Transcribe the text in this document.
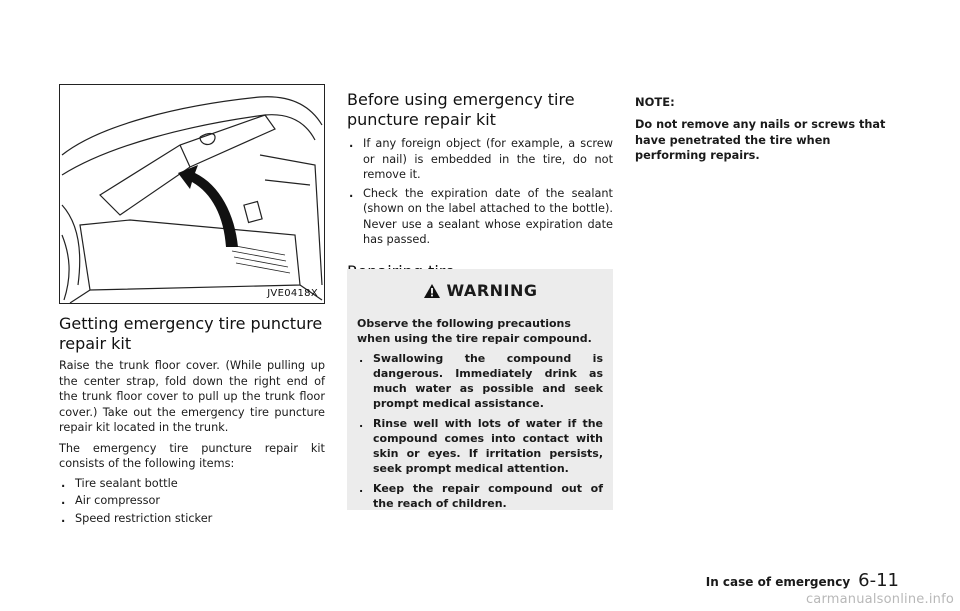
JVE0418X
Getting emergency tire puncture repair kit

Raise the trunk floor cover. (While pulling up the center strap, fold down the right end of the trunk floor cover to pull up the trunk floor cover.) Take out the emergency tire puncture repair kit located in the trunk.

The emergency tire puncture repair kit consists of the following items:

. Tire sealant bottle
. Air compressor
. Speed restriction sticker
Before using emergency tire puncture repair kit
. If any foreign object (for example, a screw or nail) is embedded in the tire, do not remove it.
. Check the expiration date of the sealant (shown on the label attached to the bottle). Never use a sealant whose expiration date has passed.
WARNING

Observe the following precautions when using the tire repair compound.

. Swallowing the compound is dangerous. Immediately drink as much water as possible and seek prompt medical assistance.
. Rinse well with lots of water if the compound comes into contact with skin or eyes. If irritation persists, seek prompt medical attention.
. Keep the repair compound out of the reach of children.
NOTE:

Do not remove any nails or screws that have penetrated the tire when performing repairs.

In case of emergency 6-11
carmanualsonline.info
